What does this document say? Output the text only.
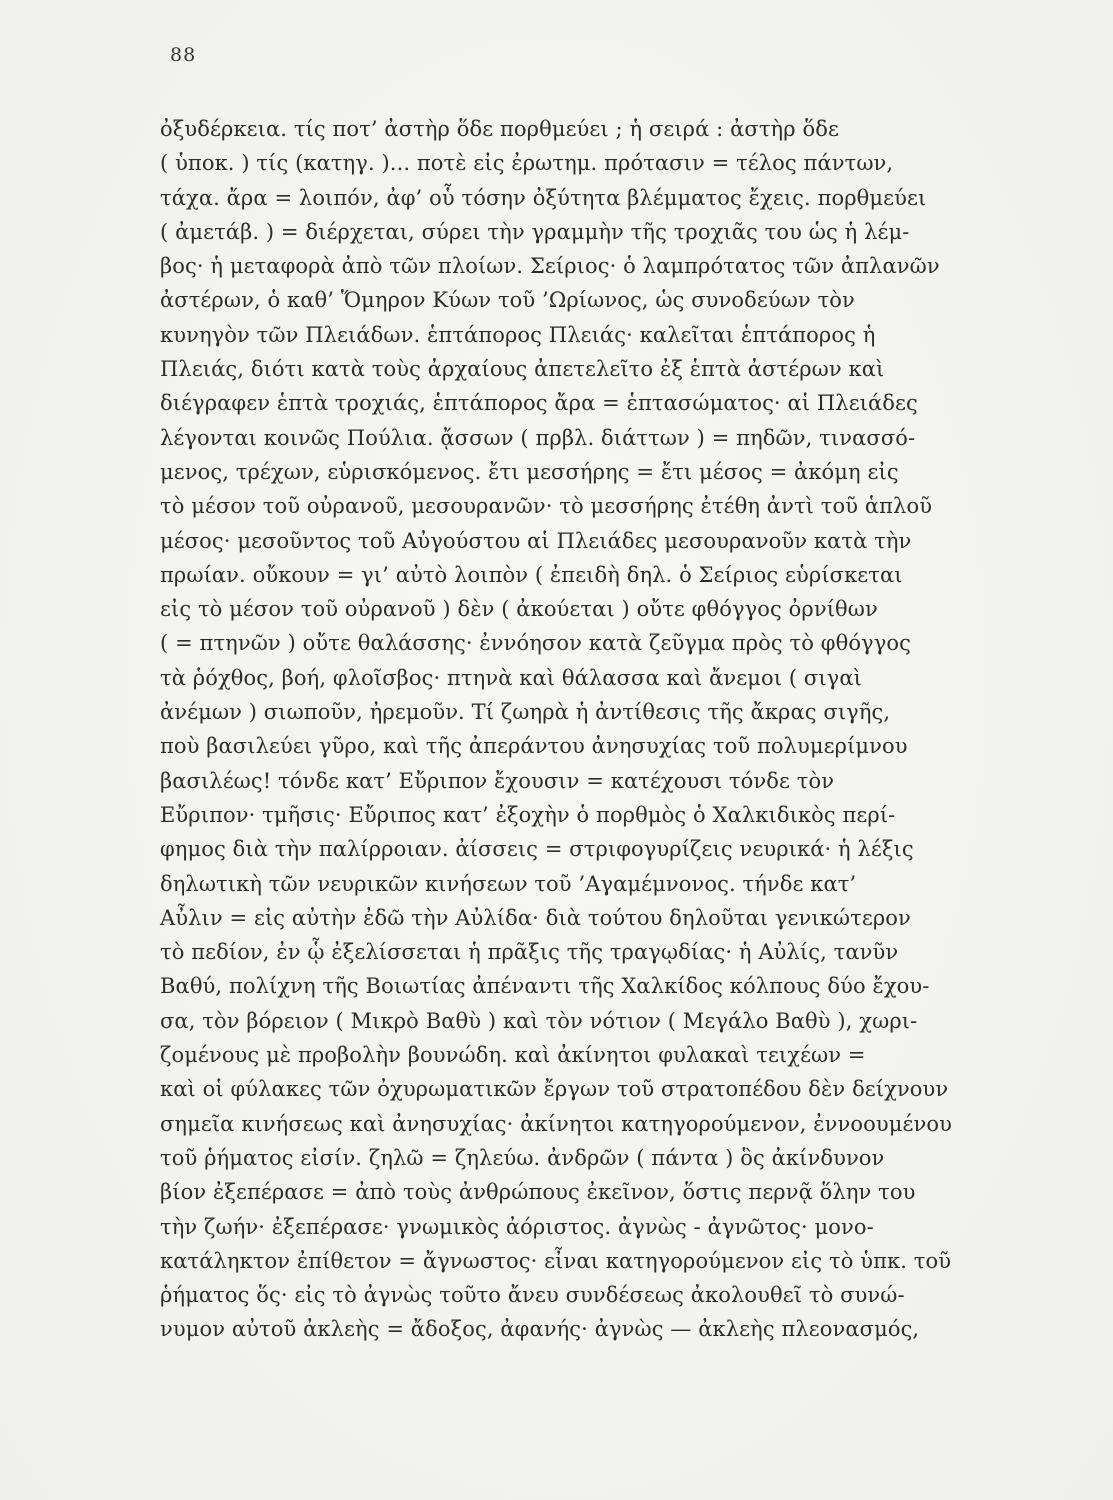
88
ὀξυδέρκεια. τίς ποτ’ ἀστὴρ ὅδε πορθμεύει ; ἡ σειρά : ἀστὴρ ὅδε
( ὑποκ. ) τίς (κατηγ. )... ποτὲ εἰς ἐρωτημ. πρότασιν = τέλος πάντων,
τάχα. ἄρα = λοιπόν, ἀφ’ οὗ τόσην ὀξύτητα βλέμματος ἔχεις. πορθμεύει
( ἀμετάβ. ) = διέρχεται, σύρει τὴν γραμμὴν τῆς τροχιᾶς του ὡς ἡ λέμ-
βος· ἡ μεταφορὰ ἀπὸ τῶν πλοίων. Σείριος· ὁ λαμπρότατος τῶν ἀπλανῶν
ἀστέρων, ὁ καθ’ Ὅμηρον Κύων τοῦ ’Ωρίωνος, ὡς συνοδεύων τὸν
κυνηγὸν τῶν Πλειάδων. ἑπτάπορος Πλειάς· καλεῖται ἑπτάπορος ἡ
Πλειάς, διότι κατὰ τοὺς ἀρχαίους ἀπετελεῖτο ἐξ ἑπτὰ ἀστέρων καὶ
διέγραφεν ἑπτὰ τροχιάς, ἑπτάπορος ἄρα = ἑπτασώματος· αἱ Πλειάδες
λέγονται κοινῶς Πούλια. ᾄσσων ( πρβλ. διάττων ) = πηδῶν, τινασσό-
μενος, τρέχων, εὑρισκόμενος. ἔτι μεσσήρης = ἔτι μέσος = ἀκόμη εἰς
τὸ μέσον τοῦ οὐρανοῦ, μεσουρανῶν· τὸ μεσσήρης ἐτέθη ἀντὶ τοῦ ἁπλοῦ
μέσος· μεσοῦντος τοῦ Αὐγούστου αἱ Πλειάδες μεσουρανοῦν κατὰ τὴν
πρωίαν. οὔκουν = γι’ αὐτὸ λοιπὸν ( ἐπειδὴ δηλ. ὁ Σείριος εὑρίσκεται
εἰς τὸ μέσον τοῦ οὐρανοῦ ) δὲν ( ἀκούεται ) οὔτε φθόγγος ὀρνίθων
( = πτηνῶν ) οὔτε θαλάσσης· ἐννόησον κατὰ ζεῦγμα πρὸς τὸ φθόγγος
τὰ ῥόχθος, βοή, φλοῖσβος· πτηνὰ καὶ θάλασσα καὶ ἄνεμοι ( σιγαὶ
ἀνέμων ) σιωποῦν, ἠρεμοῦν. Τί ζωηρὰ ἡ ἀντίθεσις τῆς ἄκρας σιγῆς,
ποὺ βασιλεύει γῦρο, καὶ τῆς ἀπεράντου ἀνησυχίας τοῦ πολυμερίμνου
βασιλέως! τόνδε κατ’ Εὔριπον ἔχουσιν = κατέχουσι τόνδε τὸν
Εὔριπον· τμῆσις· Εὔριπος κατ’ ἐξοχὴν ὁ πορθμὸς ὁ Χαλκιδικὸς περί-
φημος διὰ τὴν παλίρροιαν. ἀίσσεις = στριφογυρίζεις νευρικά· ἡ λέξις
δηλωτικὴ τῶν νευρικῶν κινήσεων τοῦ ’Αγαμέμνονος. τήνδε κατ’
Αὖλιν = εἰς αὐτὴν ἐδῶ τὴν Αὐλίδα· διὰ τούτου δηλοῦται γενικώτερον
τὸ πεδίον, ἐν ᾧ ἐξελίσσεται ἡ πρᾶξις τῆς τραγῳδίας· ἡ Αὐλίς, τανῦν
Βαθύ, πολίχνη τῆς Βοιωτίας ἀπέναντι τῆς Χαλκίδος κόλπους δύο ἔχου-
σα, τὸν βόρειον ( Μικρὸ Βαθὺ ) καὶ τὸν νότιον ( Μεγάλο Βαθὺ ), χωρι-
ζομένους μὲ προβολὴν βουνώδη. καὶ ἀκίνητοι φυλακαὶ τειχέων =
καὶ οἱ φύλακες τῶν ὀχυρωματικῶν ἔργων τοῦ στρατοπέδου δὲν δείχνουν
σημεῖα κινήσεως καὶ ἀνησυχίας· ἀκίνητοι κατηγορούμενον, ἐννοουμένου
τοῦ ῥήματος εἰσίν. ζηλῶ = ζηλεύω. ἀνδρῶν ( πάντα ) ὃς ἀκίνδυνον
βίον ἐξεπέρασε = ἀπὸ τοὺς ἀνθρώπους ἐκεῖνον, ὅστις περνᾷ ὅλην του
τὴν ζωήν· ἐξεπέρασε· γνωμικὸς ἀόριστος. ἀγνὼς - ἀγνῶτος· μονο-
κατάληκτον ἐπίθετον = ἄγνωστος· εἶναι κατηγορούμενον εἰς τὸ ὑπκ. τοῦ
ῥήματος ὅς· εἰς τὸ ἀγνὼς τοῦτο ἄνευ συνδέσεως ἀκολουθεῖ τὸ συνώ-
νυμον αὐτοῦ ἀκλεὴς = ἄδοξος, ἀφανής· ἀγνὼς — ἀκλεὴς πλεονασμός,
